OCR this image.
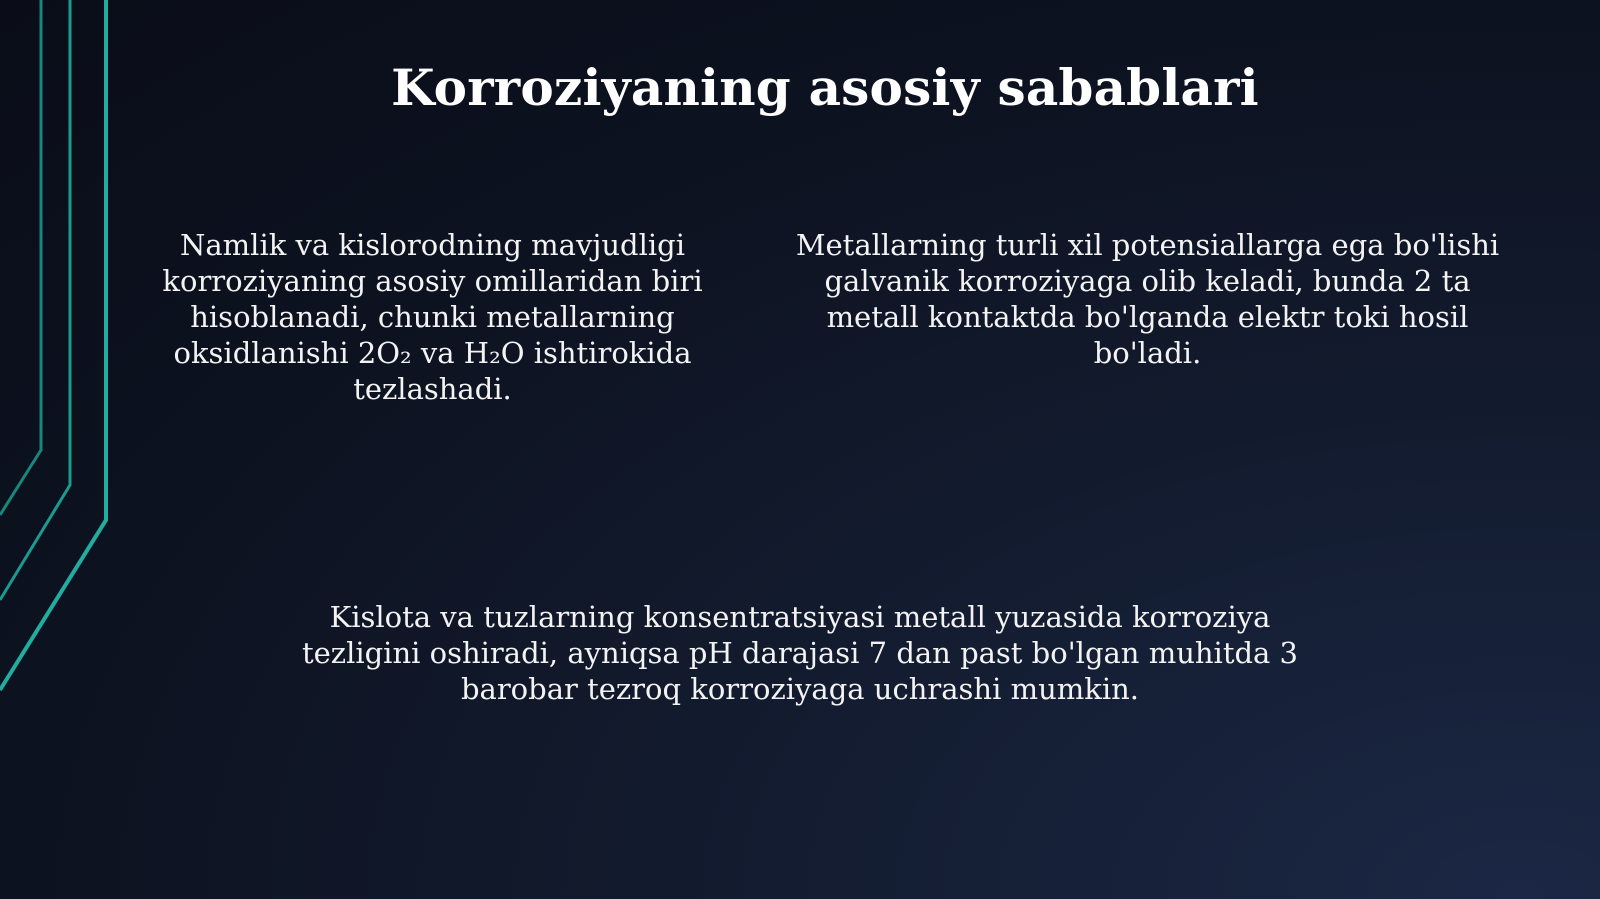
Korroziyaning asosiy sabablari
Namlik va kislorodning mavjudligi korroziyaning asosiy omillaridan biri hisoblanadi, chunki metallarning oksidlanishi 2O₂ va H₂O ishtirokida tezlashadi.
Metallarning turli xil potensiallarga ega bo'lishi galvanik korroziyaga olib keladi, bunda 2 ta metall kontaktda bo'lganda elektr toki hosil bo'ladi.
Kislota va tuzlarning konsentratsiyasi metall yuzasida korroziya tezligini oshiradi, ayniqsa pH darajasi 7 dan past bo'lgan muhitda 3 barobar tezroq korroziyaga uchrashi mumkin.
